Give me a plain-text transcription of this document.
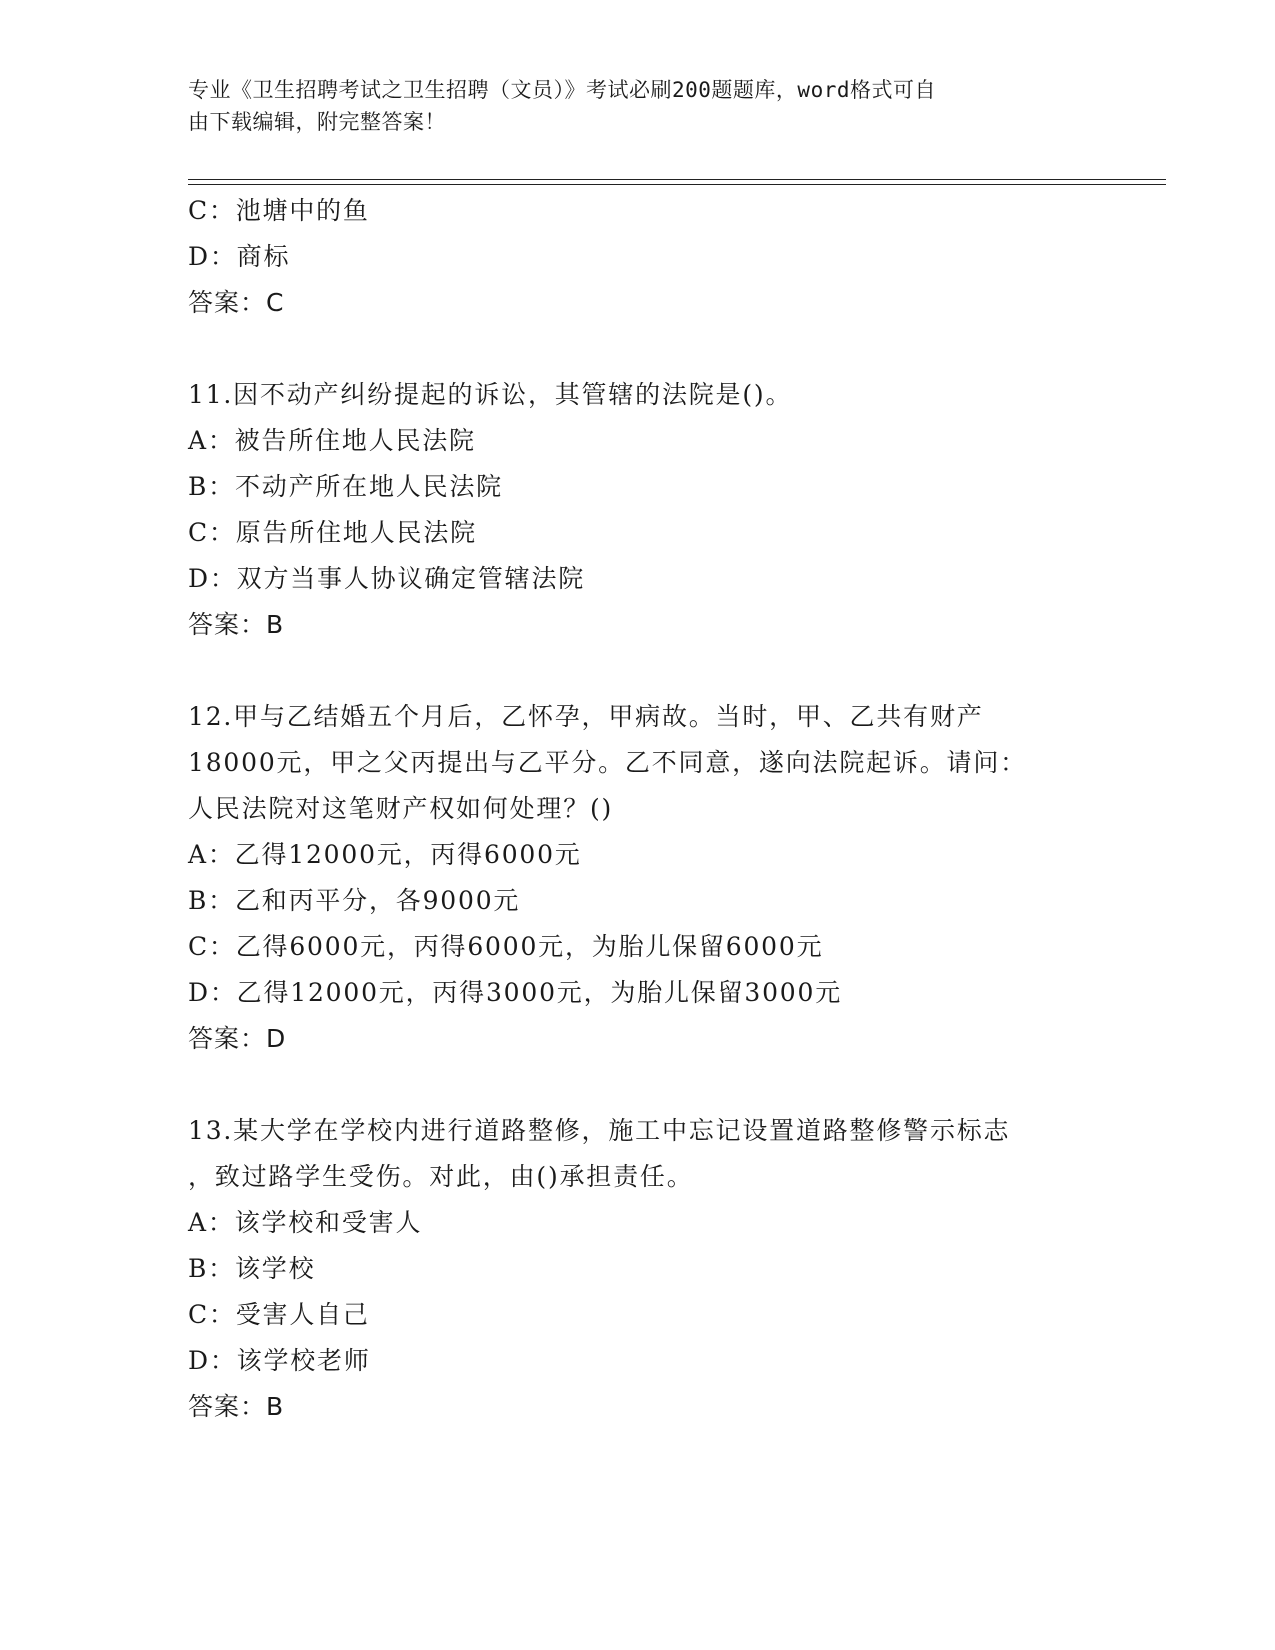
专业《卫生招聘考试之卫生招聘（文员）》考试必刷200题题库，word格式可自
由下载编辑，附完整答案！
C：池塘中的鱼
D：商标
答案：C
11.因不动产纠纷提起的诉讼，其管辖的法院是()。
A：被告所住地人民法院
B：不动产所在地人民法院
C：原告所住地人民法院
D：双方当事人协议确定管辖法院
答案：B
12.甲与乙结婚五个月后，乙怀孕，甲病故。当时，甲、乙共有财产
18000元，甲之父丙提出与乙平分。乙不同意，遂向法院起诉。请问：
人民法院对这笔财产权如何处理？()
A：乙得12000元，丙得6000元
B：乙和丙平分，各9000元
C：乙得6000元，丙得6000元，为胎儿保留6000元
D：乙得12000元，丙得3000元，为胎儿保留3000元
答案：D
13.某大学在学校内进行道路整修，施工中忘记设置道路整修警示标志
，致过路学生受伤。对此，由()承担责任。
A：该学校和受害人
B：该学校
C：受害人自己
D：该学校老师
答案：B
